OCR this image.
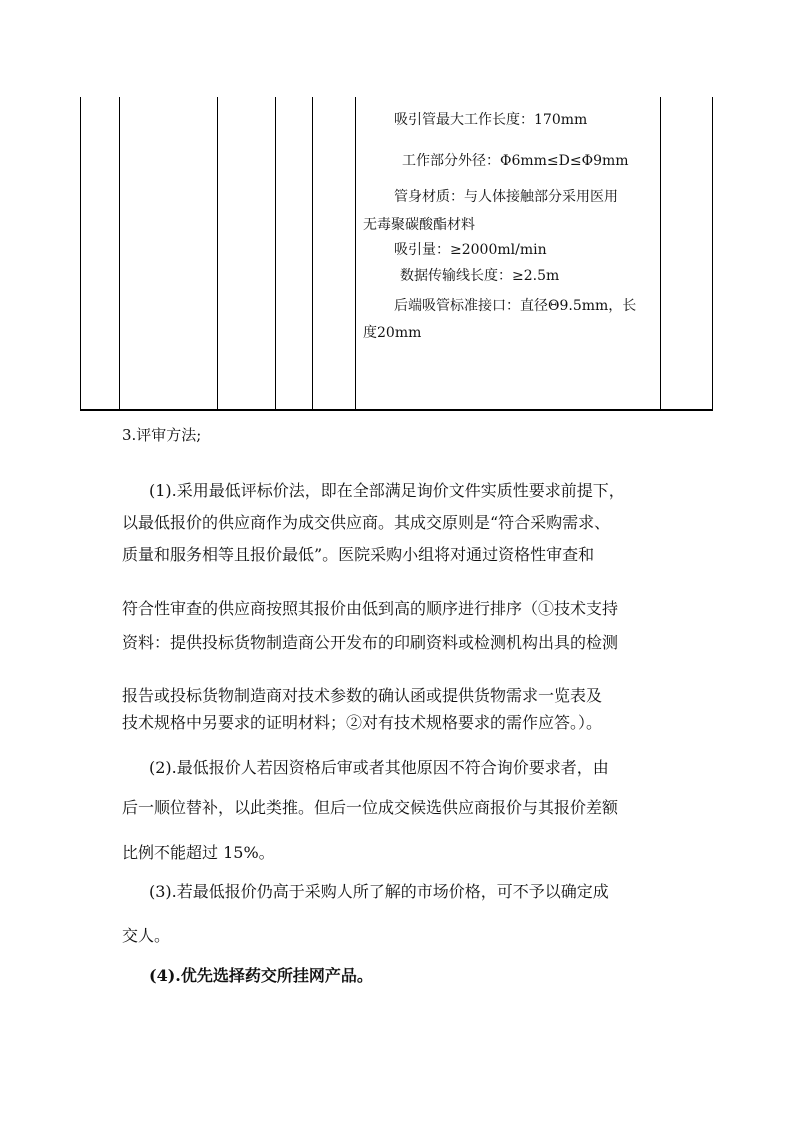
吸引管最大工作长度：170mm
工作部分外径：Φ6mm≤D≤Φ9mm
管身材质：与人体接触部分采用医用
无毒聚碳酸酯材料
吸引量：≥2000ml/min
数据传输线长度：≥2.5m
后端吸管标准接口：直径Θ9.5mm，长
度20mm
3.评审方法;
(1).采用最低评标价法，即在全部满足询价文件实质性要求前提下，
以最低报价的供应商作为成交供应商。其成交原则是“符合采购需求、
质量和服务相等且报价最低”。医院采购小组将对通过资格性审查和
符合性审查的供应商按照其报价由低到高的顺序进行排序（①技术支持
资料：提供投标货物制造商公开发布的印刷资料或检测机构出具的检测
报告或投标货物制造商对技术参数的确认函或提供货物需求一览表及
技术规格中另要求的证明材料；②对有技术规格要求的需作应答。）。
(2).最低报价人若因资格后审或者其他原因不符合询价要求者，由
后一顺位替补，以此类推。但后一位成交候选供应商报价与其报价差额
比例不能超过 15%。
(3).若最低报价仍高于采购人所了解的市场价格，可不予以确定成
交人。
(4).优先选择药交所挂网产品。
